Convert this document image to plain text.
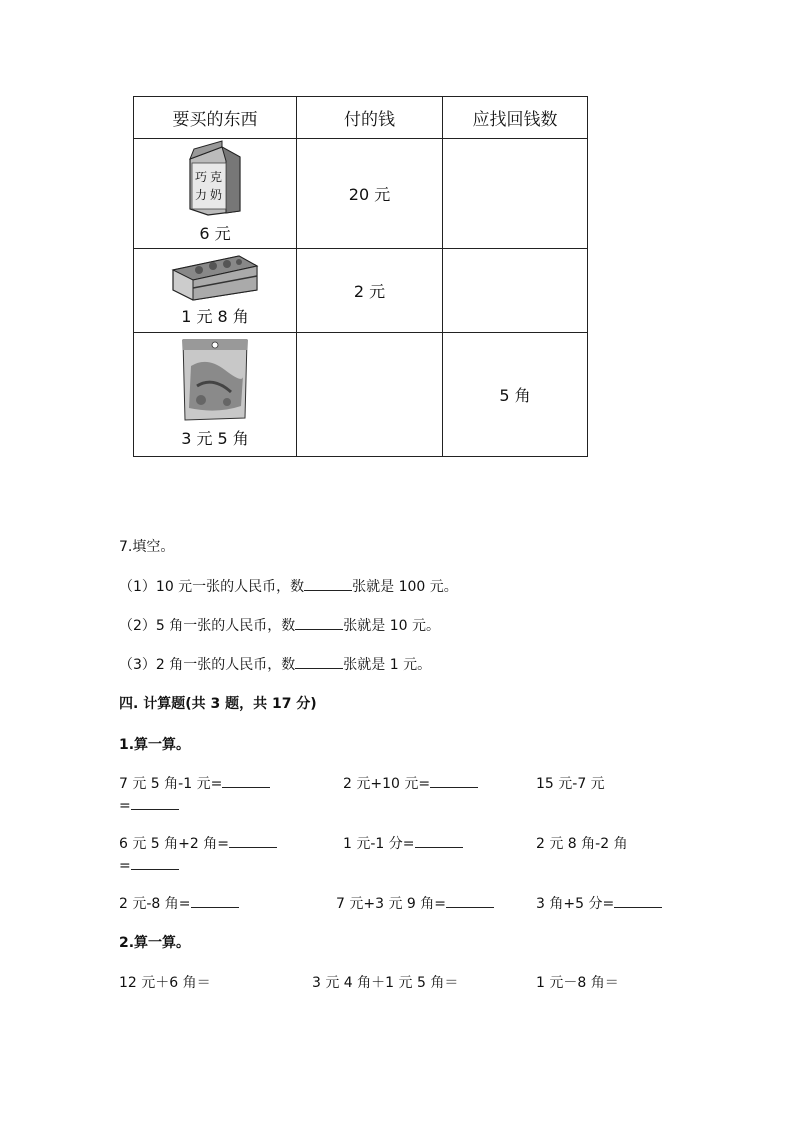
要买的东西	付的钱	应找回钱数

巧 克
力 奶
6 元	20 元	

1 元 8 角	2 元	

3 元 5 角		5 角
7.填空。
（1）10 元一张的人民币，数	张就是 100 元。
（2）5 角一张的人民币，数	张就是 10 元。
（3）2 角一张的人民币，数	张就是 1 元。
四. 计算题(共 3 题，共 17 分)
1.算一算。
7 元 5 角-1 元=	2 元+10 元=	15 元-7 元
=
6 元 5 角+2 角=	1 元-1 分=	2 元 8 角-2 角
=
2 元-8 角=	7 元+3 元 9 角=	3 角+5 分=
2.算一算。
12 元＋6 角＝	3 元 4 角＋1 元 5 角＝	1 元－8 角＝
